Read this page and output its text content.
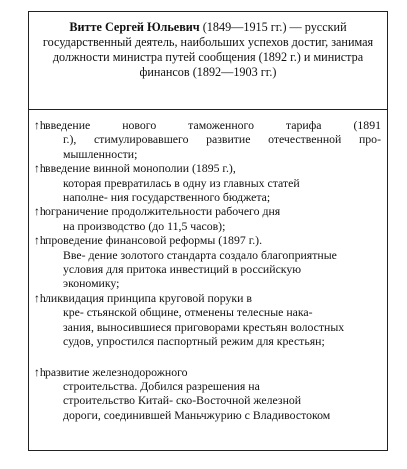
Витте Сергей Юльевич (1849—1915 гг.) — русский государственный деятель, наибольших успехов достиг, занимая должности министра путей сообщения (1892 г.) и министра финансов (1892—1903 гг.)
↑h введение нового таможенного тарифа (1891
г.), стимулировавшего развитие отечественной про-
мышленности;
↑h введение винной монополии (1895 г.),
которая превратилась в одну из главных статей
наполне- ния государственного бюджета;
↑h ограничение продолжительности рабочего дня
на производство (до 11,5 часов);
↑h проведение финансовой реформы (1897 г.).
Вве- дение золотого стандарта создало благоприятные
условия для притока инвестиций в российскую
экономику;
↑h ликвидация принципа круговой поруки в
кре- стьянской общине, отменены телесные нака-
зания, выносившиеся приговорами крестьян волостных
судов, упростился паспортный режим для крестьян;
↑h развитие железнодорожного
строительства. Добился разрешения на
строительство Китай- ско-Восточной железной
дороги, соединившей Маньчжурию с Владивостоком
